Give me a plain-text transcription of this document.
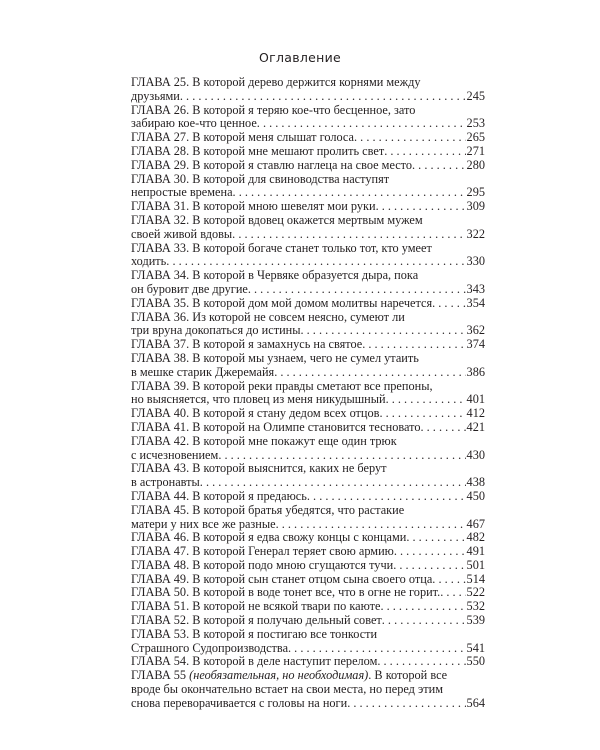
Оглавление
ГЛАВА 25. В которой дерево держится корнями между
друзьями . . .	245
ГЛАВА 26. В которой я теряю кое-что бесценное, зато
забираю кое-что ценное . . .	253
ГЛАВА 27. В которой меня слышат голоса . . .	265
ГЛАВА 28. В которой мне мешают пролить свет . . .	271
ГЛАВА 29. В которой я ставлю наглеца на свое место . . .	280
ГЛАВА 30. В которой для свиноводства наступят
непростые времена . . .	295
ГЛАВА 31. В которой мною шевелят мои руки . . .	309
ГЛАВА 32. В которой вдовец окажется мертвым мужем
своей живой вдовы . . .	322
ГЛАВА 33. В которой богаче станет только тот, кто умеет
ходить . . .	330
ГЛАВА 34. В которой в Червяке образуется дыра, пока
он буровит две другие . . .	343
ГЛАВА 35. В которой дом мой домом молитвы наречется . . .	354
ГЛАВА 36. Из которой не совсем неясно, сумеют ли
три вруна докопаться до истины . . .	362
ГЛАВА 37. В которой я замахнусь на святое . . .	374
ГЛАВА 38. В которой мы узнаем, чего не сумел утаить
в мешке старик Джеремайя . . .	386
ГЛАВА 39. В которой реки правды сметают все препоны,
но выясняется, что пловец из меня никудышный . . .	401
ГЛАВА 40. В которой я стану дедом всех отцов . . .	412
ГЛАВА 41. В которой на Олимпе становится тесновато . . .	421
ГЛАВА 42. В которой мне покажут еще один трюк
с исчезновением . . .	430
ГЛАВА 43. В которой выяснится, каких не берут
в астронавты . . .	438
ГЛАВА 44. В которой я предаюсь . . .	450
ГЛАВА 45. В которой братья убедятся, что растакие
матери у них все же разные . . .	467
ГЛАВА 46. В которой я едва свожу концы с концами . . .	482
ГЛАВА 47. В которой Генерал теряет свою армию . . .	491
ГЛАВА 48. В которой подо мною сгущаются тучи . . .	501
ГЛАВА 49. В которой сын станет отцом сына своего отца . . .	514
ГЛАВА 50. В которой в воде тонет все, что в огне не горит. . . . 522
ГЛАВА 51. В которой не всякой твари по каюте . . .	532
ГЛАВА 52. В которой я получаю дельный совет . . .	539
ГЛАВА 53. В которой я постигаю все тонкости
Страшного Судопроизводства . . .	541
ГЛАВА 54. В которой в деле наступит перелом . . .	550
ГЛАВА 55 (необязательная, но необходимая). В которой все
вроде бы окончательно встает на свои места, но перед этим
снова переворачивается с головы на ноги . . .	564
